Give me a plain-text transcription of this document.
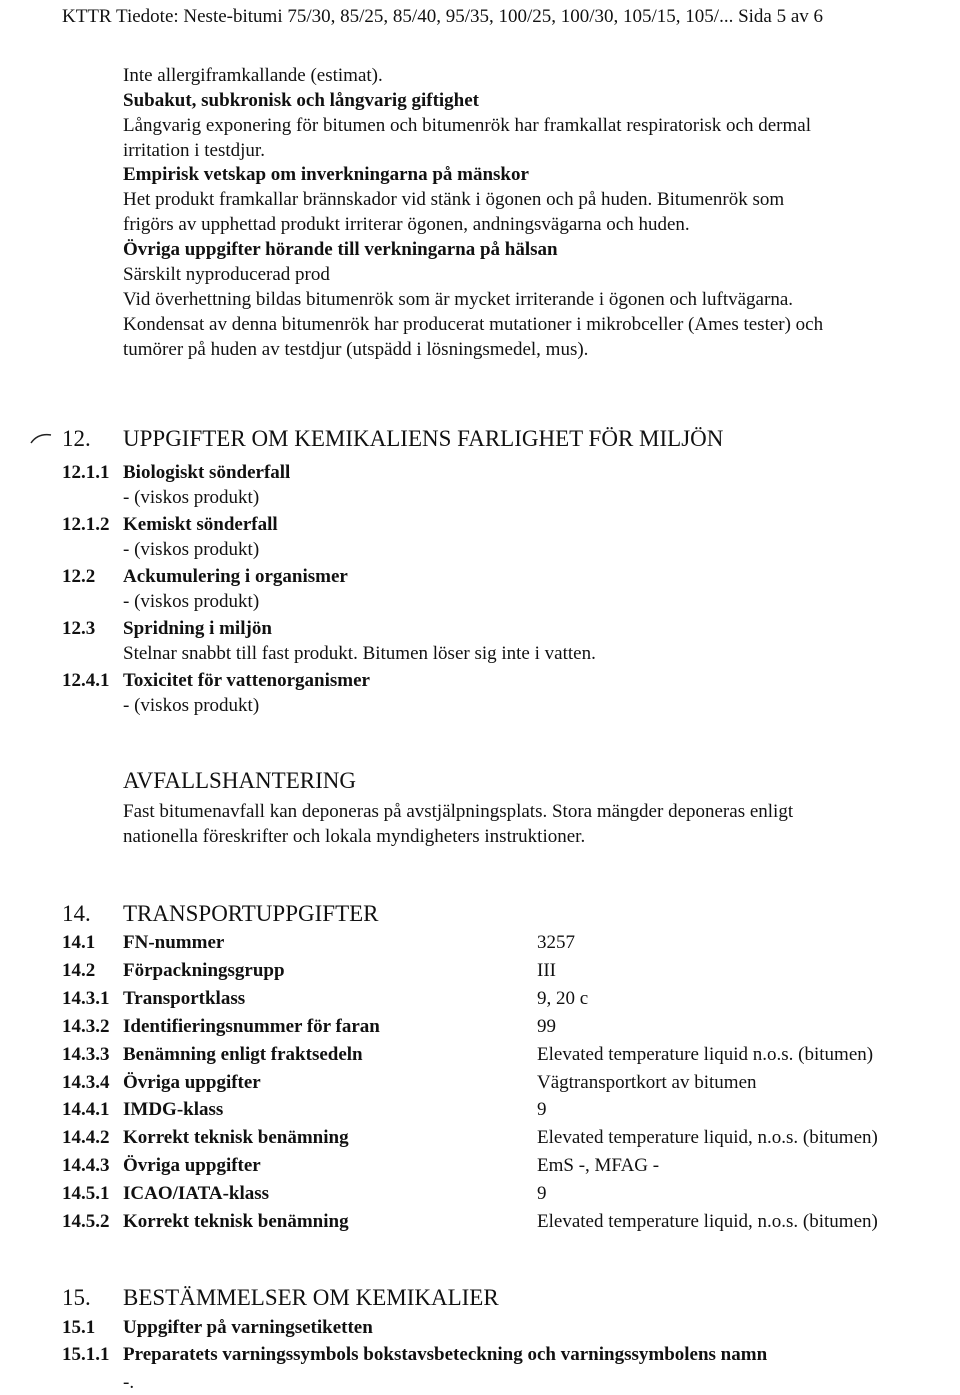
KTTR Tiedote: Neste-bitumi 75/30, 85/25, 85/40, 95/35, 100/25, 100/30, 105/15, 105/... Sida 5 av 6
Inte allergiframkallande (estimat).
Subakut, subkronisk och långvarig giftighet
Långvarig exponering för bitumen och bitumenrök har framkallat respiratorisk och dermal
irritation i testdjur.
Empirisk vetskap om inverkningarna på mänskor
Het produkt framkallar brännskador vid stänk i ögonen och på huden. Bitumenrök som
frigörs av upphettad produkt irriterar ögonen, andningsvägarna och huden.
Övriga uppgifter hörande till verkningarna på hälsan
Särskilt nyproducerad prod
Vid överhettning bildas bitumenrök som är mycket irriterande i ögonen och luftvägarna.
Kondensat av denna bitumenrök har producerat mutationer i mikrobceller (Ames tester) och
tumörer på huden av testdjur (utspädd i lösningsmedel, mus).
12. UPPGIFTER OM KEMIKALIENS FARLIGHET FÖR MILJÖN
12.1.1 Biologiskt sönderfall
- (viskos produkt)
12.1.2 Kemiskt sönderfall
- (viskos produkt)
12.2 Ackumulering i organismer
- (viskos produkt)
12.3 Spridning i miljön
Stelnar snabbt till fast produkt. Bitumen löser sig inte i vatten.
12.4.1 Toxicitet för vattenorganismer
- (viskos produkt)
AVFALLSHANTERING
Fast bitumenavfall kan deponeras på avstjälpningsplats. Stora mängder deponeras enligt
nationella föreskrifter och lokala myndigheters instruktioner.
14. TRANSPORTUPPGIFTER
14.1 FN-nummer	3257
14.2 Förpackningsgrupp	III
14.3.1 Transportklass	9, 20 c
14.3.2 Identifieringsnummer för faran	99
14.3.3 Benämning enligt fraktsedeln	Elevated temperature liquid n.o.s. (bitumen)
14.3.4 Övriga uppgifter	Vägtransportkort av bitumen
14.4.1 IMDG-klass	9
14.4.2 Korrekt teknisk benämning	Elevated temperature liquid, n.o.s. (bitumen)
14.4.3 Övriga uppgifter	EmS -, MFAG -
14.5.1 ICAO/IATA-klass	9
14.5.2 Korrekt teknisk benämning	Elevated temperature liquid, n.o.s. (bitumen)
15. BESTÄMMELSER OM KEMIKALIER
15.1 Uppgifter på varningsetiketten
15.1.1 Preparatets varningssymbols bokstavsbeteckning och varningssymbolens namn
-.
